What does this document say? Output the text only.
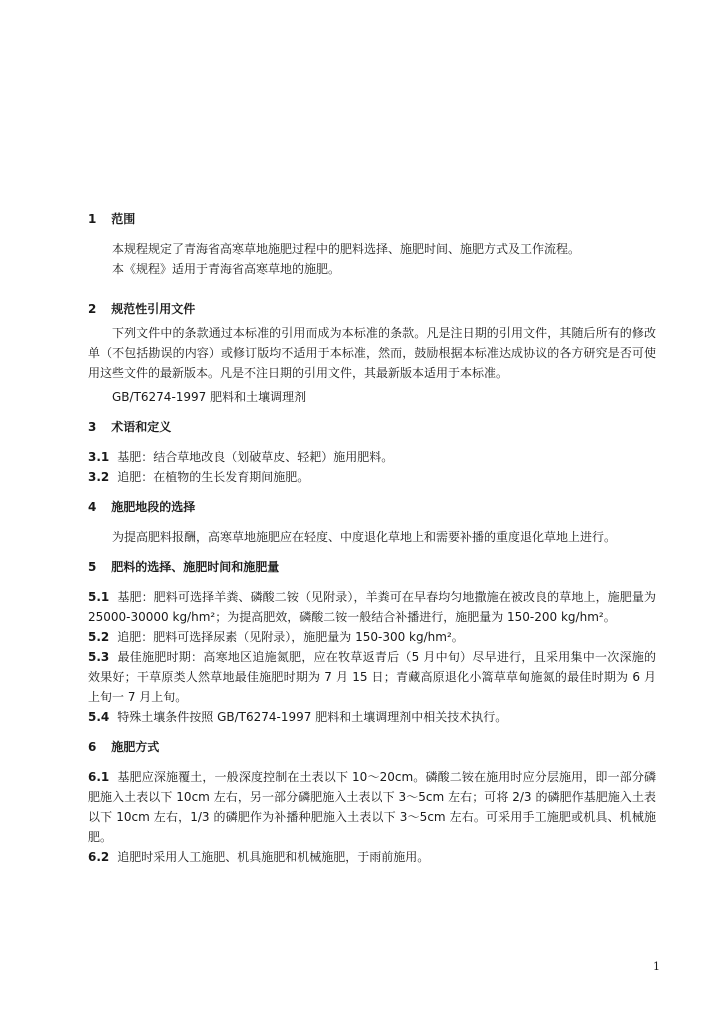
1 范围
本规程规定了青海省高寒草地施肥过程中的肥料选择、施肥时间、施肥方式及工作流程。
本《规程》适用于青海省高寒草地的施肥。
2 规范性引用文件
下列文件中的条款通过本标准的引用而成为本标准的条款。凡是注日期的引用文件，其随后所有的修改单（不包括勘误的内容）或修订版均不适用于本标准，然而，鼓励根据本标准达成协议的各方研究是否可使用这些文件的最新版本。凡是不注日期的引用文件，其最新版本适用于本标准。
GB/T6274-1997 肥料和土壤调理剂
3 术语和定义
3.1 基肥：结合草地改良（划破草皮、轻耙）施用肥料。
3.2 追肥：在植物的生长发育期间施肥。
4 施肥地段的选择
为提高肥料报酬，高寒草地施肥应在轻度、中度退化草地上和需要补播的重度退化草地上进行。
5 肥料的选择、施肥时间和施肥量
5.1 基肥：肥料可选择羊粪、磷酸二铵（见附录），羊粪可在早春均匀地撒施在被改良的草地上，施肥量为 25000-30000 kg/hm²；为提高肥效，磷酸二铵一般结合补播进行，施肥量为 150-200 kg/hm²。
5.2 追肥：肥料可选择尿素（见附录），施肥量为 150-300 kg/hm²。
5.3 最佳施肥时期：高寒地区追施氮肥，应在牧草返青后（5 月中旬）尽早进行，且采用集中一次深施的效果好；干草原类人然草地最佳施肥时期为 7 月 15 日；青藏高原退化小篙草草甸施氮的最佳时期为 6 月上旬一 7 月上旬。
5.4 特殊土壤条件按照 GB/T6274-1997 肥料和土壤调理剂中相关技术执行。
6 施肥方式
6.1 基肥应深施覆土，一般深度控制在土表以下 10～20cm。磷酸二铵在施用时应分层施用，即一部分磷肥施入土表以下 10cm 左右，另一部分磷肥施入土表以下 3～5cm 左右；可将 2/3 的磷肥作基肥施入土表以下 10cm 左右，1/3 的磷肥作为补播种肥施入土表以下 3～5cm 左右。可采用手工施肥或机具、机械施肥。
6.2 追肥时采用人工施肥、机具施肥和机械施肥，于雨前施用。
1
